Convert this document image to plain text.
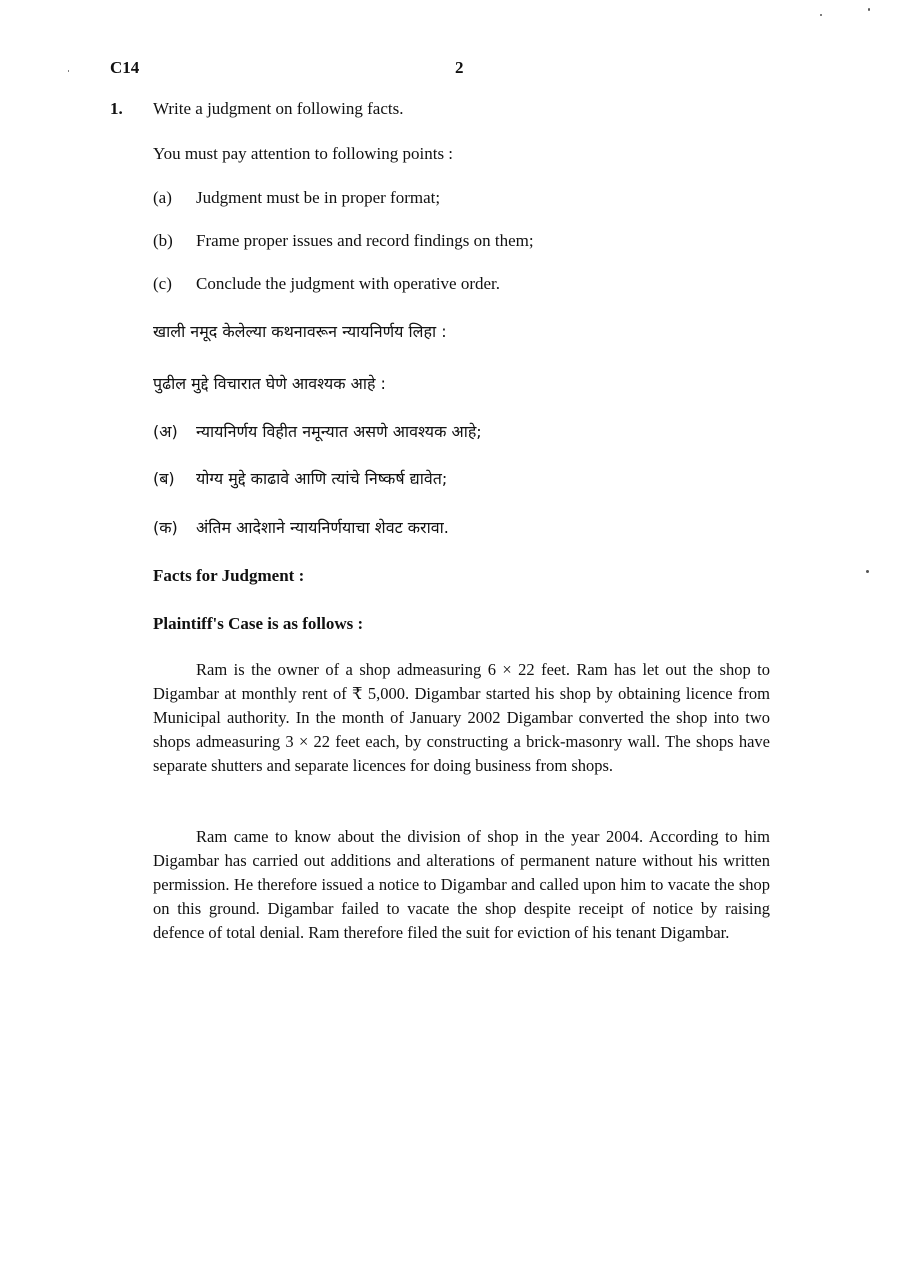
C14	2
1. Write a judgment on following facts.
You must pay attention to following points :
(a) Judgment must be in proper format;
(b) Frame proper issues and record findings on them;
(c) Conclude the judgment with operative order.
खाली नमूद केलेल्या कथनावरून न्यायनिर्णय लिहा :
पुढील मुद्दे विचारात घेणे आवश्यक आहे :
(अ) न्यायनिर्णय विहीत नमून्यात असणे आवश्यक आहे;
(ब) योग्य मुद्दे काढावे आणि त्यांचे निष्कर्ष द्यावेत;
(क) अंतिम आदेशाने न्यायनिर्णयाचा शेवट करावा.
Facts for Judgment :
Plaintiff's Case is as follows :
Ram is the owner of a shop admeasuring 6 × 22 feet. Ram has let out the shop to Digambar at monthly rent of ₹ 5,000. Digambar started his shop by obtaining licence from Municipal authority. In the month of January 2002 Digambar converted the shop into two shops admeasuring 3 × 22 feet each, by constructing a brick-masonry wall. The shops have separate shutters and separate licences for doing business from shops.
Ram came to know about the division of shop in the year 2004. According to him Digambar has carried out additions and alterations of permanent nature without his written permission. He therefore issued a notice to Digambar and called upon him to vacate the shop on this ground. Digambar failed to vacate the shop despite receipt of notice by raising defence of total denial. Ram therefore filed the suit for eviction of his tenant Digambar.
